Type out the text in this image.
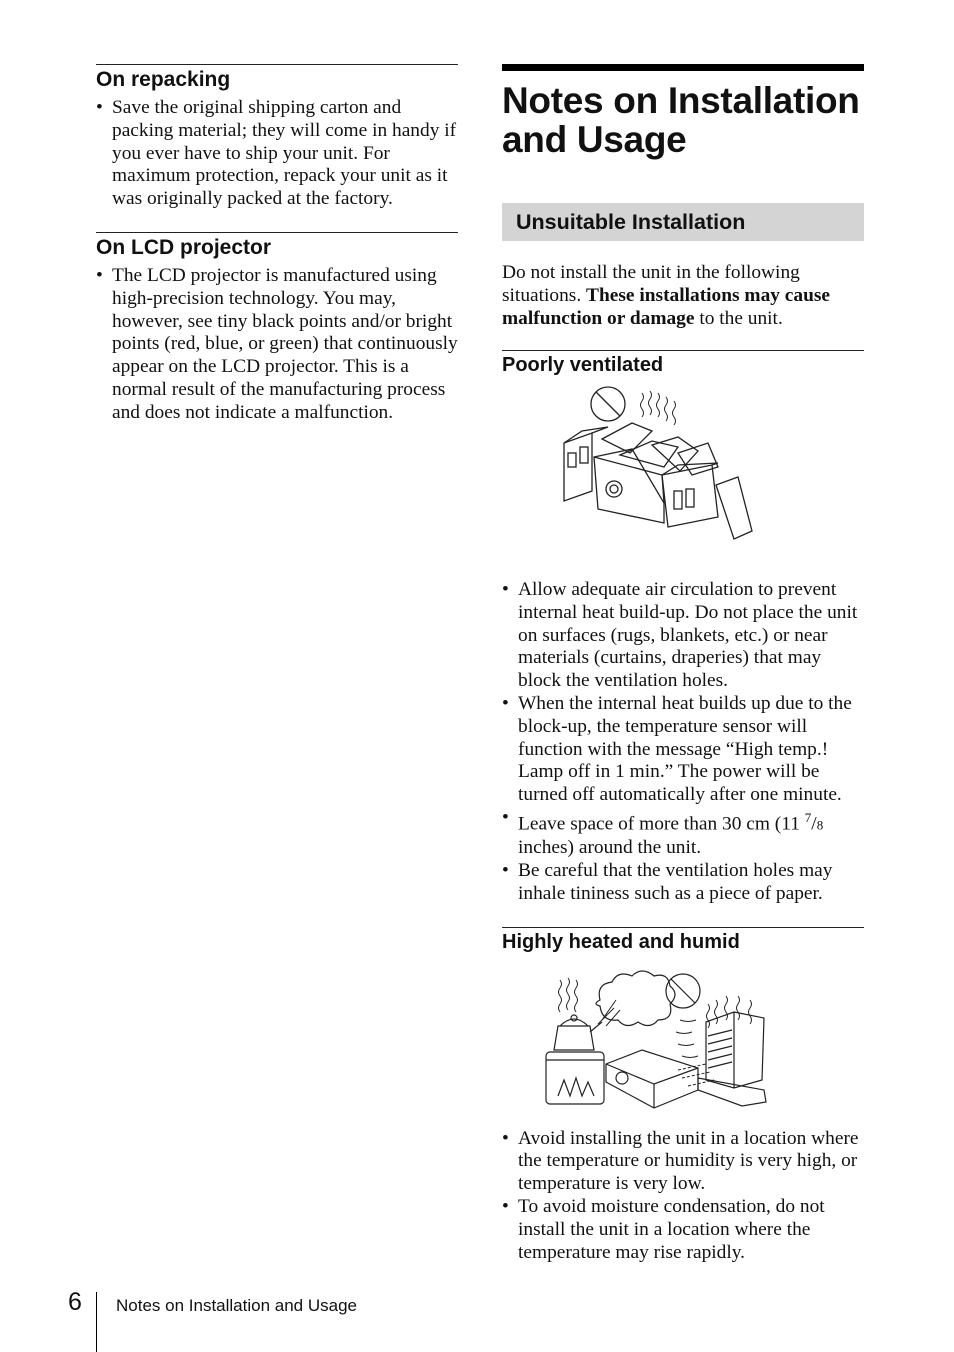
On repacking
• Save the original shipping carton and packing material; they will come in handy if you ever have to ship your unit. For maximum protection, repack your unit as it was originally packed at the factory.
On LCD projector
• The LCD projector is manufactured using high-precision technology. You may, however, see tiny black points and/or bright points (red, blue, or green) that continuously appear on the LCD projector. This is a normal result of the manufacturing process and does not indicate a malfunction.
Notes on Installation
and Usage
Unsuitable Installation

Do not install the unit in the following situations. These installations may cause malfunction or damage to the unit.

Poorly ventilated
• Allow adequate air circulation to prevent internal heat build-up. Do not place the unit on surfaces (rugs, blankets, etc.) or near materials (curtains, draperies) that may block the ventilation holes.
• When the internal heat builds up due to the block-up, the temperature sensor will function with the message “High temp.! Lamp off in 1 min.” The power will be turned off automatically after one minute.
• Leave space of more than 30 cm (11 $^7$/8 inches) around the unit.
• Be careful that the ventilation holes may inhale tininess such as a piece of paper.
Highly heated and humid
• Avoid installing the unit in a location where the temperature or humidity is very high, or temperature is very low.
• To avoid moisture condensation, do not install the unit in a location where the temperature may rise rapidly.
6 Notes on Installation and Usage
